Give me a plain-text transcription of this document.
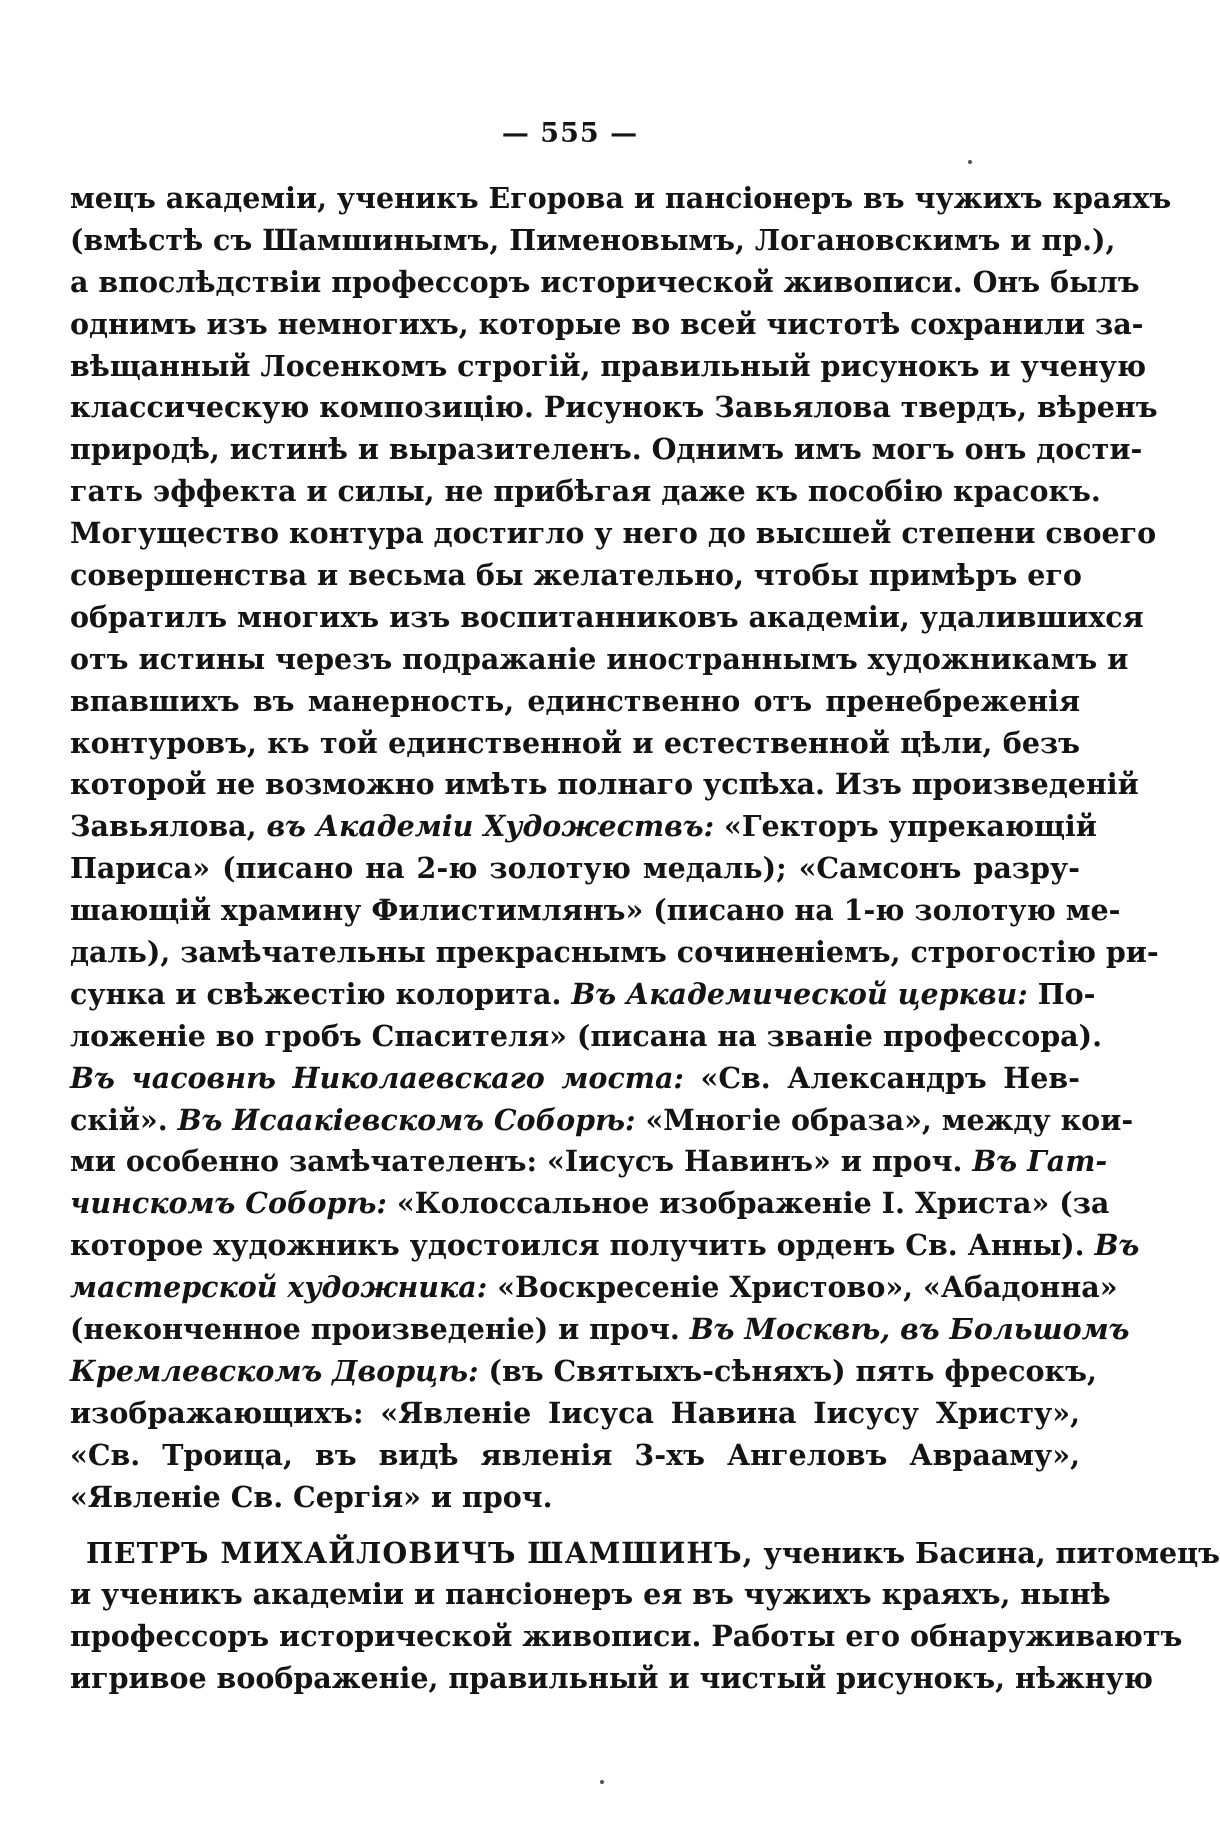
— 555 —
мецъ академіи, ученикъ Егорова и пансіонеръ въ чужихъ краяхъ
(вмѣстѣ съ Шамшинымъ, Пименовымъ, Логановскимъ и пр.),
а впослѣдствіи профессоръ исторической живописи. Онъ былъ
однимъ изъ немногихъ, которые во всей чистотѣ сохранили за-
вѣщанный Лосенкомъ строгій, правильный рисунокъ и ученую
классическую композицію. Рисунокъ Завьялова твердъ, вѣренъ
природѣ, истинѣ и выразителенъ. Однимъ имъ могъ онъ дости-
гать эффекта и силы, не прибѣгая даже къ пособію красокъ.
Могущество контура достигло у него до высшей степени своего
совершенства и весьма бы желательно, чтобы примѣръ его
обратилъ многихъ изъ воспитанниковъ академіи, удалившихся
отъ истины черезъ подражаніе иностраннымъ художникамъ и
впавшихъ въ манерность, единственно отъ пренебреженія
контуровъ, къ той единственной и естественной цѣли, безъ
которой не возможно имѣть полнаго успѣха. Изъ произведеній
Завьялова, въ Академіи Художествъ: «Гекторъ упрекающій
Париса» (писано на 2-ю золотую медаль); «Самсонъ разру-
шающій храмину Филистимлянъ» (писано на 1-ю золотую ме-
даль), замѣчательны прекраснымъ сочиненіемъ, строгостію ри-
сунка и свѣжестію колорита. Въ Академической церкви: По-
ложеніе во гробъ Спасителя» (писана на званіе профессора).
Въ часовнѣ Николаевскаго моста: «Св. Александръ Нев-
скій». Въ Исаакіевскомъ Соборѣ: «Многіе образа», между кои-
ми особенно замѣчателенъ: «Іисусъ Навинъ» и проч. Въ Гат-
чинскомъ Соборѣ: «Колоссальное изображеніе І. Христа» (за
которое художникъ удостоился получить орденъ Св. Анны). Въ
мастерской художника: «Воскресеніе Христово», «Абадонна»
(неконченное произведеніе) и проч. Въ Москвѣ, въ Большомъ
Кремлевскомъ Дворцѣ: (въ Святыхъ-сѣняхъ) пять фресокъ,
изображающихъ: «Явленіе Іисуса Навина Іисусу Христу»,
«Св. Троица, въ видѣ явленія 3-хъ Ангеловъ Аврааму»,
«Явленіе Св. Сергія» и проч.
ПЕТРЪ МИХАЙЛОВИЧЪ ШАМШИНЪ, ученикъ Басина, питомецъ
и ученикъ академіи и пансіонеръ ея въ чужихъ краяхъ, нынѣ
профессоръ исторической живописи. Работы его обнаруживаютъ
игривое воображеніе, правильный и чистый рисунокъ, нѣжную
